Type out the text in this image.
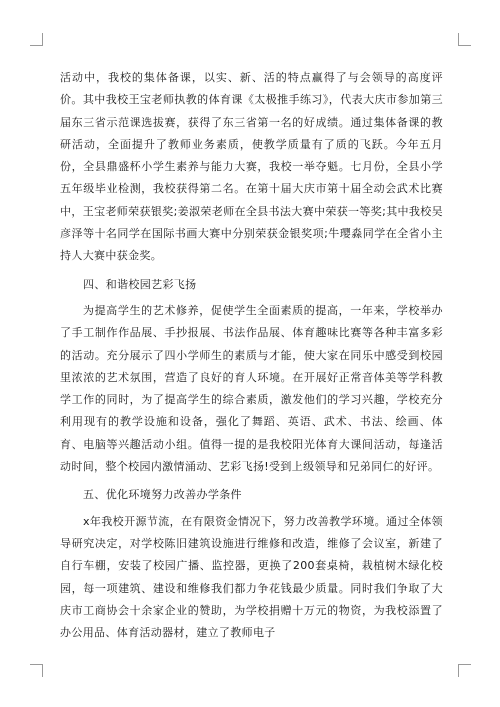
活动中，我校的集体备课，以实、新、活的特点赢得了与会领导的高度评价。其中我校王宝老师执教的体育课《太极推手练习》，代表大庆市参加第三届东三省示范课选拔赛，获得了东三省第一名的好成绩。通过集体备课的教研活动，全面提升了教师业务素质，使教学质量有了质的飞跃。今年五月份，全县鼎盛杯小学生素养与能力大赛，我校一举夺魁。七月份，全县小学五年级毕业检测，我校获得第二名。在第十届大庆市第十届全动会武术比赛中，王宝老师荣获银奖;姜淑荣老师在全县书法大赛中荣获一等奖;其中我校吴彦泽等十名同学在国际书画大赛中分别荣获金银奖项;牛璎淼同学在全省小主持人大赛中获金奖。

四、和谐校园艺彩飞扬

为提高学生的艺术修养，促使学生全面素质的提高，一年来，学校举办了手工制作作品展、手抄报展、书法作品展、体育趣味比赛等各种丰富多彩的活动。充分展示了四小学师生的素质与才能，使大家在同乐中感受到校园里浓浓的艺术氛围，营造了良好的育人环境。在开展好正常音体美等学科教学工作的同时，为了提高学生的综合素质，激发他们的学习兴趣，学校充分利用现有的教学设施和设备，强化了舞蹈、英语、武术、书法、绘画、体育、电脑等兴趣活动小组。值得一提的是我校阳光体育大课间活动，每逢活动时间，整个校园内激情涌动、艺彩飞扬!受到上级领导和兄弟同仁的好评。

五、优化环境努力改善办学条件

x年我校开源节流，在有限资金情况下，努力改善教学环境。通过全体领导研究决定，对学校陈旧建筑设施进行维修和改造，维修了会议室，新建了自行车棚，安装了校园广播、监控器，更换了200套桌椅，栽植树木绿化校园，每一项建筑、建设和维修我们都力争花钱最少质量。同时我们争取了大庆市工商协会十余家企业的赞助，为学校捐赠十万元的物资，为我校添置了办公用品、体育活动器材，建立了教师电子
